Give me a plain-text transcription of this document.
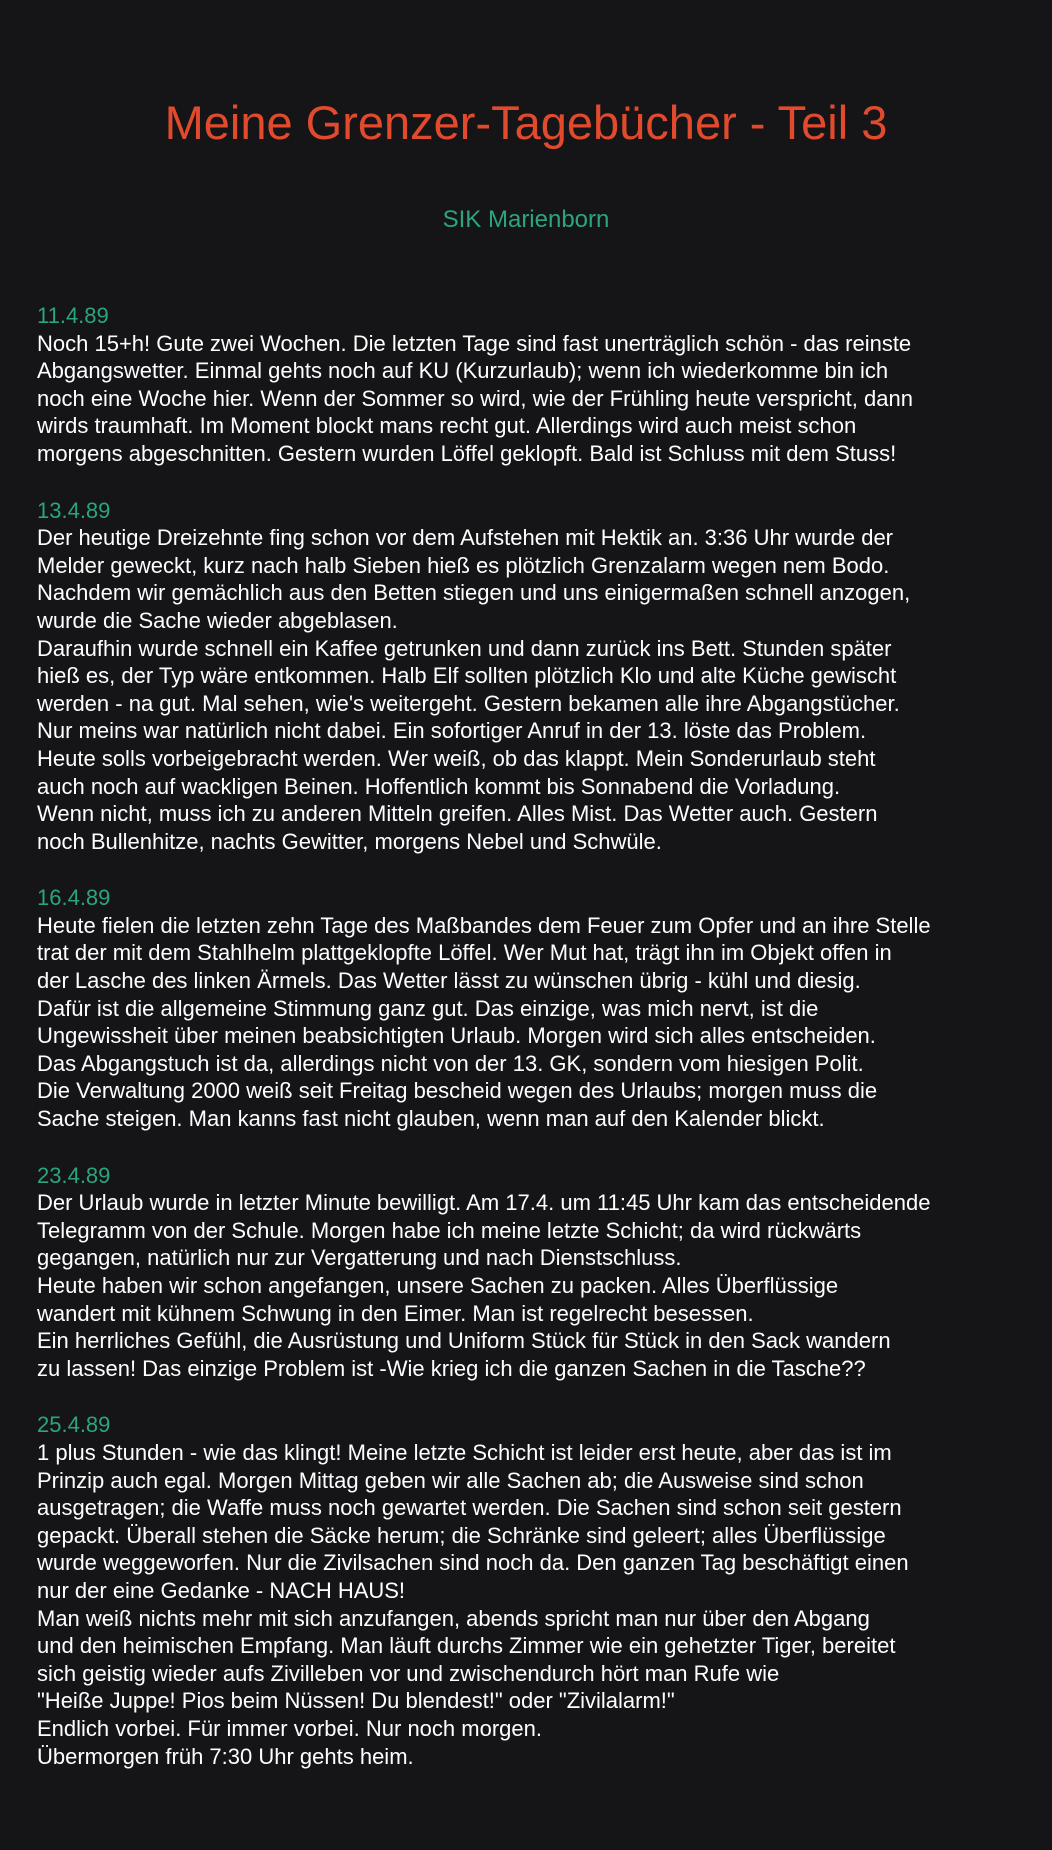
Meine Grenzer-Tagebücher - Teil 3
SIK Marienborn
11.4.89
Noch 15+h! Gute zwei Wochen. Die letzten Tage sind fast unerträglich schön - das reinste
Abgangswetter. Einmal gehts noch auf KU (Kurzurlaub); wenn ich wiederkomme bin ich
noch eine Woche hier. Wenn der Sommer so wird, wie der Frühling heute verspricht, dann
wirds traumhaft. Im Moment blockt mans recht gut. Allerdings wird auch meist schon
morgens abgeschnitten. Gestern wurden Löffel geklopft. Bald ist Schluss mit dem Stuss!
13.4.89
Der heutige Dreizehnte fing schon vor dem Aufstehen mit Hektik an. 3:36 Uhr wurde der
Melder geweckt, kurz nach halb Sieben hieß es plötzlich Grenzalarm wegen nem Bodo.
Nachdem wir gemächlich aus den Betten stiegen und uns einigermaßen schnell anzogen,
wurde die Sache wieder abgeblasen.
Daraufhin wurde schnell ein Kaffee getrunken und dann zurück ins Bett. Stunden später
hieß es, der Typ wäre entkommen. Halb Elf sollten plötzlich Klo und alte Küche gewischt
werden - na gut. Mal sehen, wie's weitergeht. Gestern bekamen alle ihre Abgangstücher.
Nur meins war natürlich nicht dabei. Ein sofortiger Anruf in der 13. löste das Problem.
Heute solls vorbeigebracht werden. Wer weiß, ob das klappt. Mein Sonderurlaub steht
auch noch auf wackligen Beinen. Hoffentlich kommt bis Sonnabend die Vorladung.
Wenn nicht, muss ich zu anderen Mitteln greifen. Alles Mist. Das Wetter auch. Gestern
noch Bullenhitze, nachts Gewitter, morgens Nebel und Schwüle.
16.4.89
Heute fielen die letzten zehn Tage des Maßbandes dem Feuer zum Opfer und an ihre Stelle
trat der mit dem Stahlhelm plattgeklopfte Löffel. Wer Mut hat, trägt ihn im Objekt offen in
der Lasche des linken Ärmels. Das Wetter lässt zu wünschen übrig - kühl und diesig.
Dafür ist die allgemeine Stimmung ganz gut. Das einzige, was mich nervt, ist die
Ungewissheit über meinen beabsichtigten Urlaub. Morgen wird sich alles entscheiden.
Das Abgangstuch ist da, allerdings nicht von der 13. GK, sondern vom hiesigen Polit.
Die Verwaltung 2000 weiß seit Freitag bescheid wegen des Urlaubs; morgen muss die
Sache steigen. Man kanns fast nicht glauben, wenn man auf den Kalender blickt.
23.4.89
Der Urlaub wurde in letzter Minute bewilligt. Am 17.4. um 11:45 Uhr kam das entscheidende
Telegramm von der Schule. Morgen habe ich meine letzte Schicht; da wird rückwärts
gegangen, natürlich nur zur Vergatterung und nach Dienstschluss.
Heute haben wir schon angefangen, unsere Sachen zu packen. Alles Überflüssige
wandert mit kühnem Schwung in den Eimer. Man ist regelrecht besessen.
Ein herrliches Gefühl, die Ausrüstung und Uniform Stück für Stück in den Sack wandern
zu lassen! Das einzige Problem ist -Wie krieg ich die ganzen Sachen in die Tasche??
25.4.89
1 plus Stunden - wie das klingt! Meine letzte Schicht ist leider erst heute, aber das ist im
Prinzip auch egal. Morgen Mittag geben wir alle Sachen ab; die Ausweise sind schon
ausgetragen; die Waffe muss noch gewartet werden. Die Sachen sind schon seit gestern
gepackt. Überall stehen die Säcke herum; die Schränke sind geleert; alles Überflüssige
wurde weggeworfen. Nur die Zivilsachen sind noch da. Den ganzen Tag beschäftigt einen
nur der eine Gedanke - NACH HAUS!
Man weiß nichts mehr mit sich anzufangen, abends spricht man nur über den Abgang
und den heimischen Empfang. Man läuft durchs Zimmer wie ein gehetzter Tiger, bereitet
sich geistig wieder aufs Zivilleben vor und zwischendurch hört man Rufe wie
"Heiße Juppe! Pios beim Nüssen! Du blendest!" oder "Zivilalarm!"
Endlich vorbei. Für immer vorbei. Nur noch morgen.
Übermorgen früh 7:30 Uhr gehts heim.
